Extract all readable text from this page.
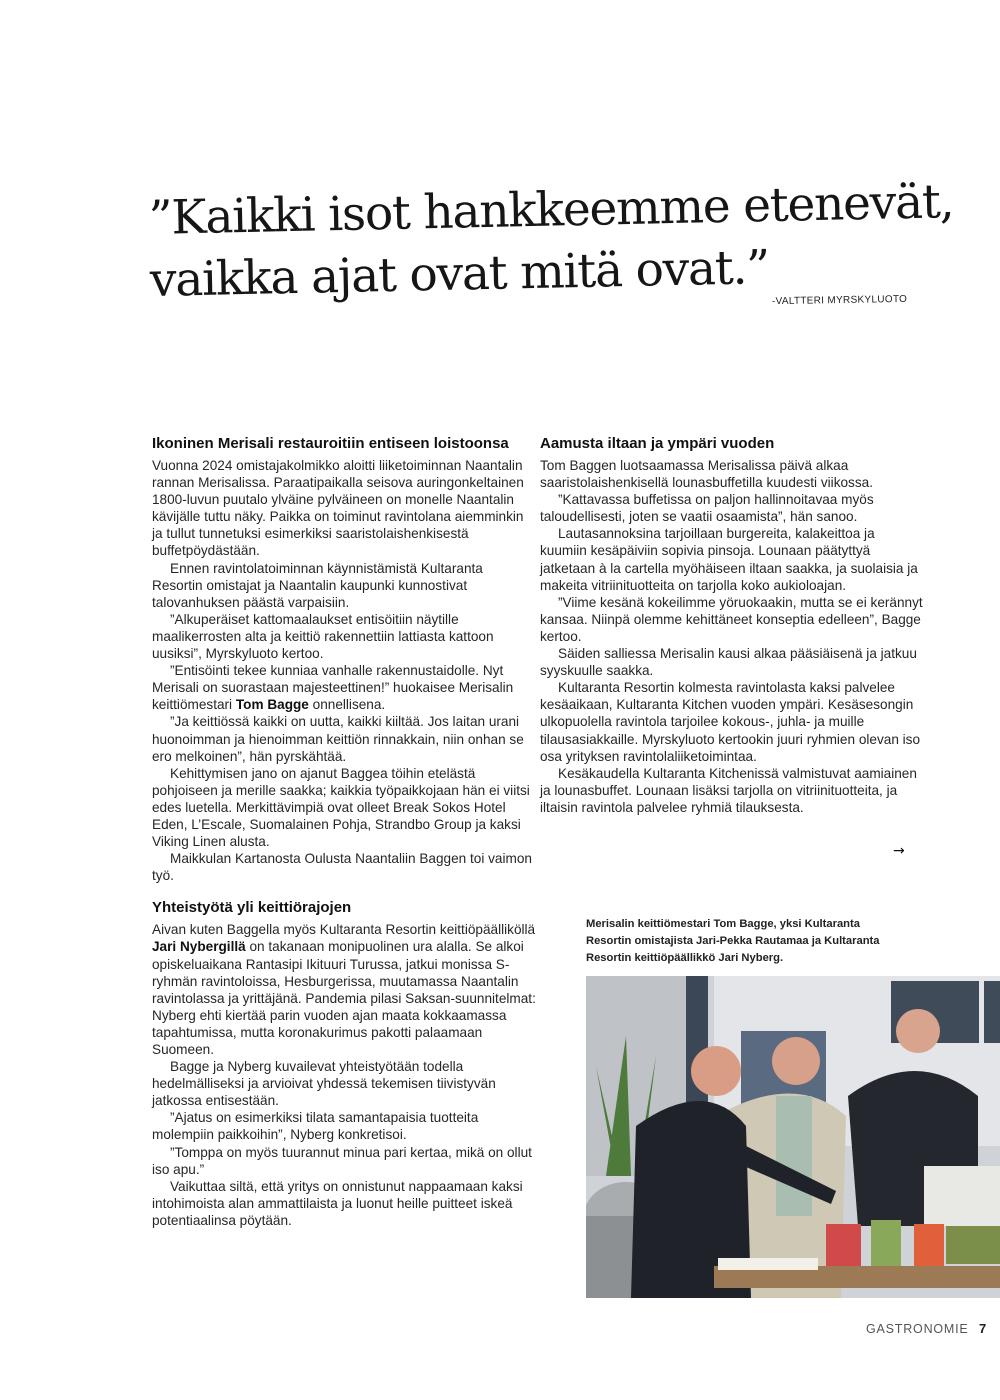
”Kaikki isot hankkeemme etenevät,
vaikka ajat ovat mitä ovat.” -VALTTERI MYRSKYLUOTO
Ikoninen Merisali restauroitiin entiseen loistoonsa

Vuonna 2024 omistajakolmikko aloitti liiketoiminnan Naantalin rannan Merisalissa. Paraatipaikalla seisova auringonkeltainen 1800-luvun puutalo ylväine pylväineen on monelle Naantalin kävijälle tuttu näky. Paikka on toiminut ravintolana aiemminkin ja tullut tunnetuksi esimerkiksi saaristolaishenkisestä buffetpöydästään.

Ennen ravintolatoiminnan käynnistämistä Kultaranta Resortin omistajat ja Naantalin kaupunki kunnostivat talovanhuksen päästä varpaisiin.

”Alkuperäiset kattomaalaukset entisöitiin näytille maalikerrosten alta ja keittiö rakennettiin lattiasta kattoon uusiksi”, Myrskyluoto kertoo.

”Entisöinti tekee kunniaa vanhalle rakennustaidolle. Nyt Merisali on suorastaan majesteettinen!” huokaisee Merisalin keittiömestari Tom Bagge onnellisena.

”Ja keittiössä kaikki on uutta, kaikki kiiltää. Jos laitan urani huonoimman ja hienoimman keittiön rinnakkain, niin onhan se ero melkoinen”, hän pyrskähtää.

Kehittymisen jano on ajanut Baggea töihin etelästä pohjoiseen ja merille saakka; kaikkia työpaikkojaan hän ei viitsi edes luetella. Merkittävimpiä ovat olleet Break Sokos Hotel Eden, L’Escale, Suomalainen Pohja, Strandbo Group ja kaksi Viking Linen alusta.

Maikkulan Kartanosta Oulusta Naantaliin Baggen toi vaimon työ.

Yhteistyötä yli keittiörajojen

Aivan kuten Baggella myös Kultaranta Resortin keittiöpäälliköllä Jari Nybergillä on takanaan monipuolinen ura alalla. Se alkoi opiskeluaikana Rantasipi Ikituuri Turussa, jatkui monissa S-ryhmän ravintoloissa, Hesburgerissa, muutamassa Naantalin ravintolassa ja yrittäjänä. Pandemia pilasi Saksan-suunnitelmat: Nyberg ehti kiertää parin vuoden ajan maata kokkaamassa tapahtumissa, mutta koronakurimus pakotti palaamaan Suomeen.

Bagge ja Nyberg kuvailevat yhteistyötään todella hedelmälliseksi ja arvioivat yhdessä tekemisen tiivistyvän jatkossa entisestään.

”Ajatus on esimerkiksi tilata samantapaisia tuotteita molempiin paikkoihin”, Nyberg konkretisoi.

”Tomppa on myös tuurannut minua pari kertaa, mikä on ollut iso apu.”

Vaikuttaa siltä, että yritys on onnistunut nappaamaan kaksi intohimoista alan ammattilaista ja luonut heille puitteet iskeä potentiaalinsa pöytään.

Aamusta iltaan ja ympäri vuoden

Tom Baggen luotsaamassa Merisalissa päivä alkaa saaristolaishenkisellä lounasbuffetilla kuudesti viikossa.

”Kattavassa buffetissa on paljon hallinnoitavaa myös taloudellisesti, joten se vaatii osaamista”, hän sanoo.

Lautasannoksina tarjoillaan burgereita, kalakeittoa ja kuumiin kesäpäiviin sopivia pinsoja. Lounaan päätyttyä jatketaan à la cartella myöhäiseen iltaan saakka, ja suolaisia ja makeita vitriinituotteita on tarjolla koko aukioloajan.

”Viime kesänä kokeilimme yöruokaakin, mutta se ei kerännyt kansaa. Niinpä olemme kehittäneet konseptia edelleen”, Bagge kertoo.

Säiden salliessa Merisalin kausi alkaa pääsiäisenä ja jatkuu syyskuulle saakka.

Kultaranta Resortin kolmesta ravintolasta kaksi palvelee kesäaikaan, Kultaranta Kitchen vuoden ympäri. Kesäsesongin ulkopuolella ravintola tarjoilee kokous-, juhla- ja muille tilausasiakkaille. Myrskyluoto kertookin juuri ryhmien olevan iso osa yrityksen ravintolaliiketoimintaa.

Kesäkaudella Kultaranta Kitchenissä valmistuvat aamiainen ja lounasbuffet. Lounaan lisäksi tarjolla on vitriinituotteita, ja iltaisin ravintola palvelee ryhmiä tilauksesta.

→
Merisalin keittiömestari Tom Bagge, yksi Kultaranta Resortin omistajista Jari-Pekka Rautamaa ja Kultaranta Resortin keittiöpäällikkö Jari Nyberg.
GASTRONOMIE 7
